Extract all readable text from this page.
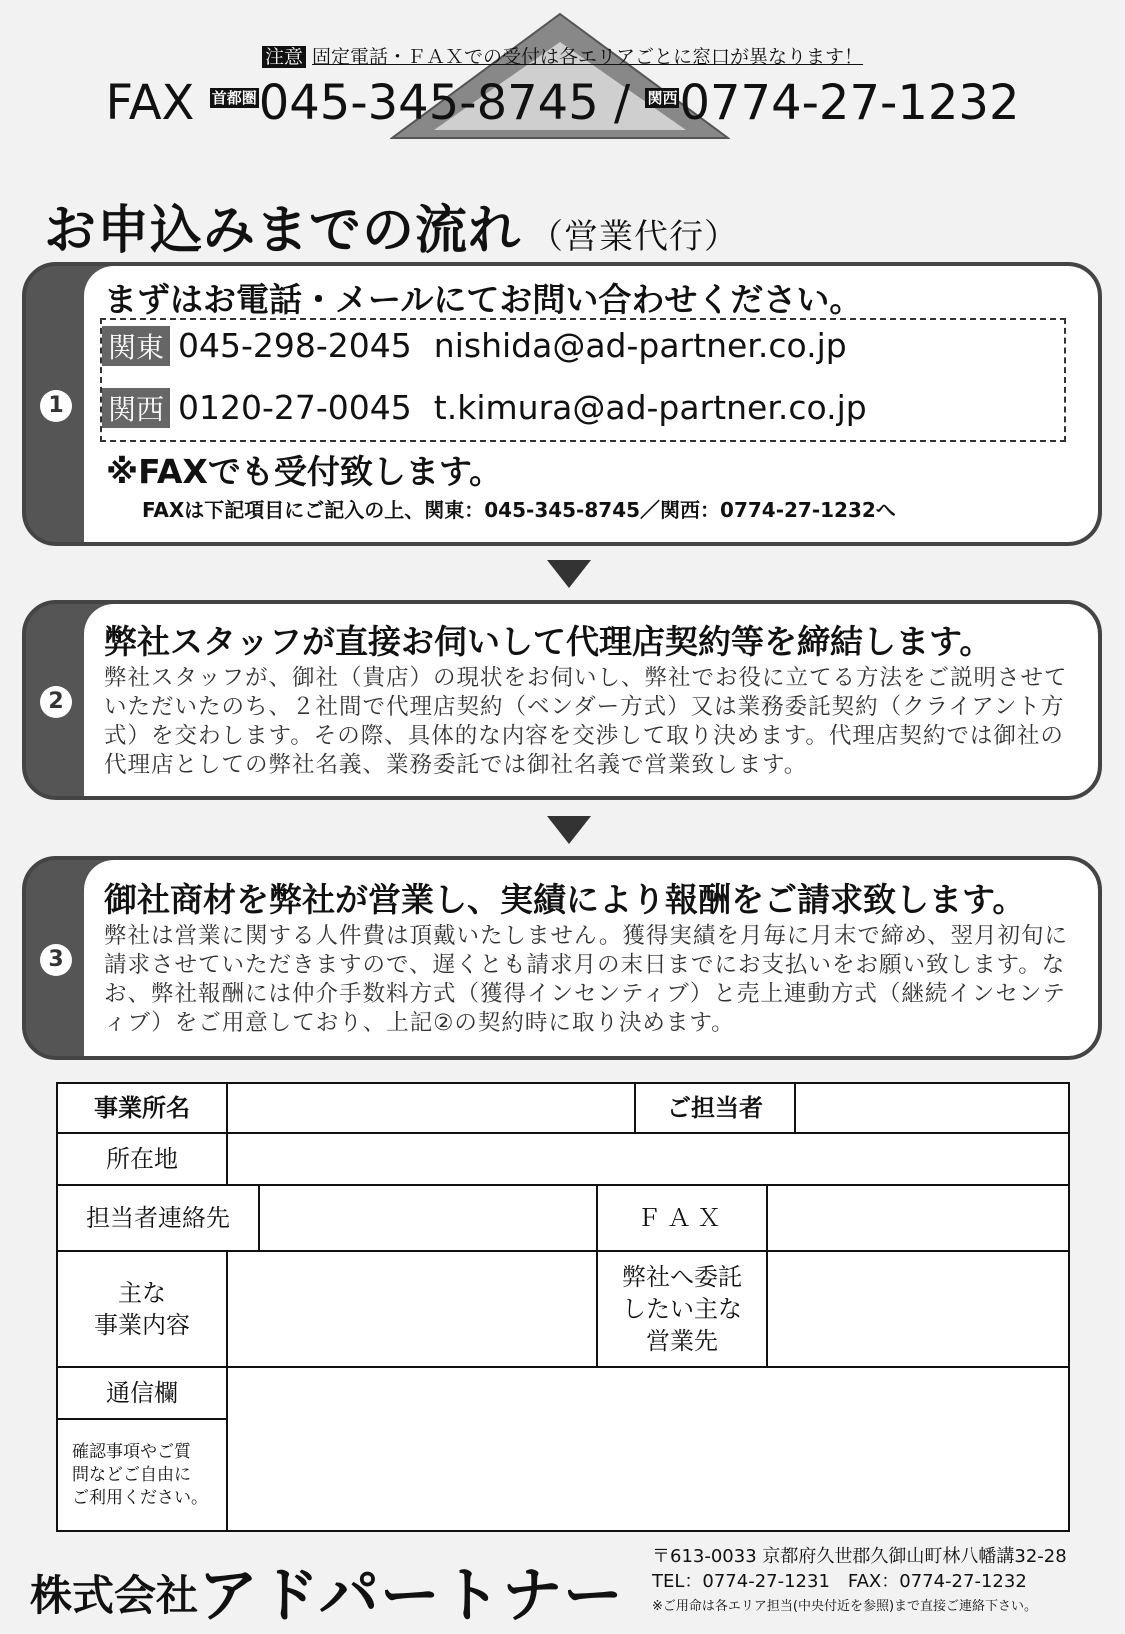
注意 固定電話・ＦＡＸでの受付は各エリアごとに窓口が異なります！
FAX $^{首都圏}$045-345-8745 / $^{関西}$0774-27-1232
お申込みまでの流れ （営業代行）
1
まずはお電話・メールにてお問い合わせください。
関東 045-298-2045 nishida@ad-partner.co.jp
関西 0120-27-0045 t.kimura@ad-partner.co.jp
※FAXでも受付致します。
FAXは下記項目にご記入の上、関東：045-345-8745／関西：0774-27-1232へ
2
弊社スタッフが直接お伺いして代理店契約等を締結します。
弊社スタッフが、御社（貴店）の現状をお伺いし、弊社でお役に立てる方法をご説明させていただいたのち、２社間で代理店契約（ベンダー方式）又は業務委託契約（クライアント方式）を交わします。その際、具体的な内容を交渉して取り決めます。代理店契約では御社の代理店としての弊社名義、業務委託では御社名義で営業致します。
3
御社商材を弊社が営業し、実績により報酬をご請求致します。
弊社は営業に関する人件費は頂戴いたしません。獲得実績を月毎に月末で締め、翌月初旬に請求させていただきますので、遅くとも請求月の末日までにお支払いをお願い致します。なお、弊社報酬には仲介手数料方式（獲得インセンティブ）と売上連動方式（継続インセンティブ）をご用意しており、上記②の契約時に取り決めます。
事業所名	ご担当者
所在地
担当者連絡先	ＦＡＸ
主な
事業内容
弊社へ委託
したい主な
営業先
通信欄
確認事項やご質
問などご自由に
ご利用ください。
株式会社アドパートナー
〒613-0033 京都府久世郡久御山町林八幡講32-28
TEL：0774-27-1231　FAX：0774-27-1232
※ご用命は各エリア担当(中央付近を参照)まで直接ご連絡下さい。
